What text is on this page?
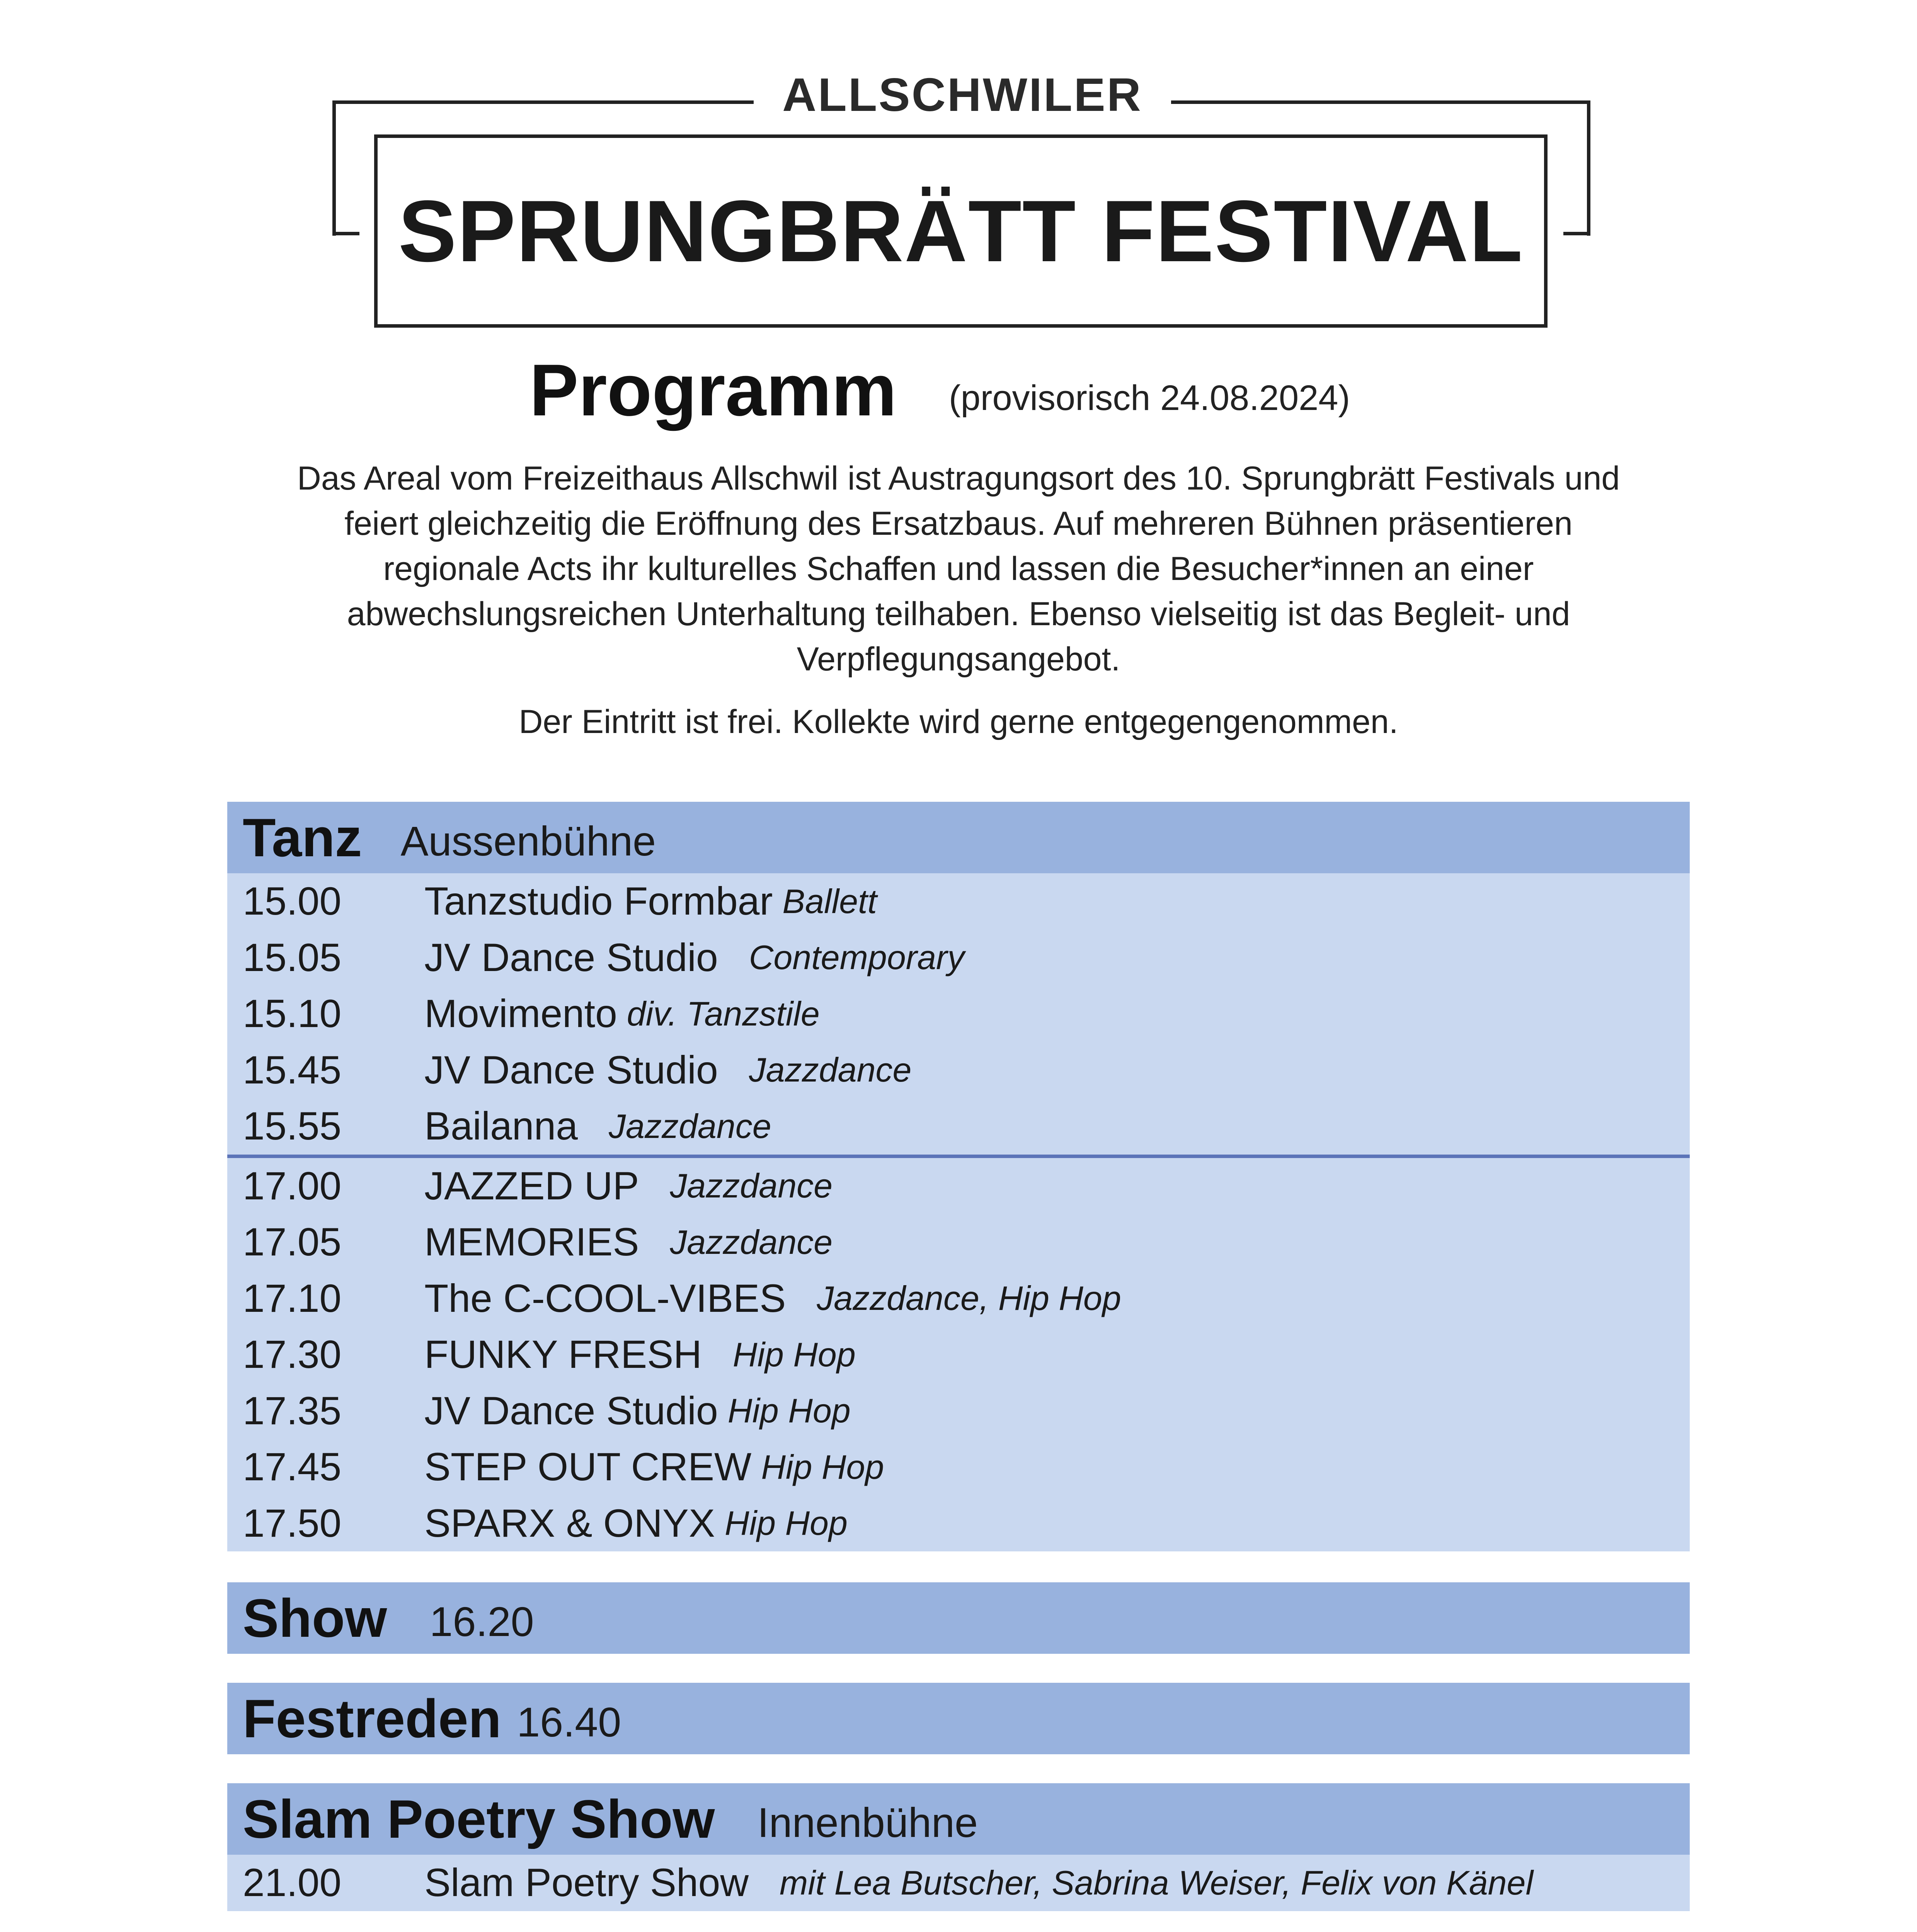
ALLSCHWILER
SPRUNGBRÄTT FESTIVAL
Programm (provisorisch 24.08.2024)
Das Areal vom Freizeithaus Allschwil ist Austragungsort des 10. Sprungbrätt Festivals und
feiert gleichzeitig die Eröffnung des Ersatzbaus. Auf mehreren Bühnen präsentieren
regionale Acts ihr kulturelles Schaffen und lassen die Besucher*innen an einer
abwechslungsreichen Unterhaltung teilhaben. Ebenso vielseitig ist das Begleit- und
Verpflegungsangebot.
Der Eintritt ist frei. Kollekte wird gerne entgegengenommen.
Tanz Aussenbühne
15.00	Tanzstudio Formbar Ballett
15.05	JV Dance Studio Contemporary
15.10	Movimento div. Tanzstile
15.45	JV Dance Studio Jazzdance
15.55	Bailanna Jazzdance
17.00	JAZZED UP Jazzdance
17.05	MEMORIES Jazzdance
17.10	The C-COOL-VIBES Jazzdance, Hip Hop
17.30	FUNKY FRESH Hip Hop
17.35	JV Dance Studio Hip Hop
17.45	STEP OUT CREW Hip Hop
17.50	SPARX & ONYX Hip Hop
Show 16.20
Festreden 16.40
Slam Poetry Show Innenbühne
21.00	Slam Poetry Show mit Lea Butscher, Sabrina Weiser, Felix von Känel
